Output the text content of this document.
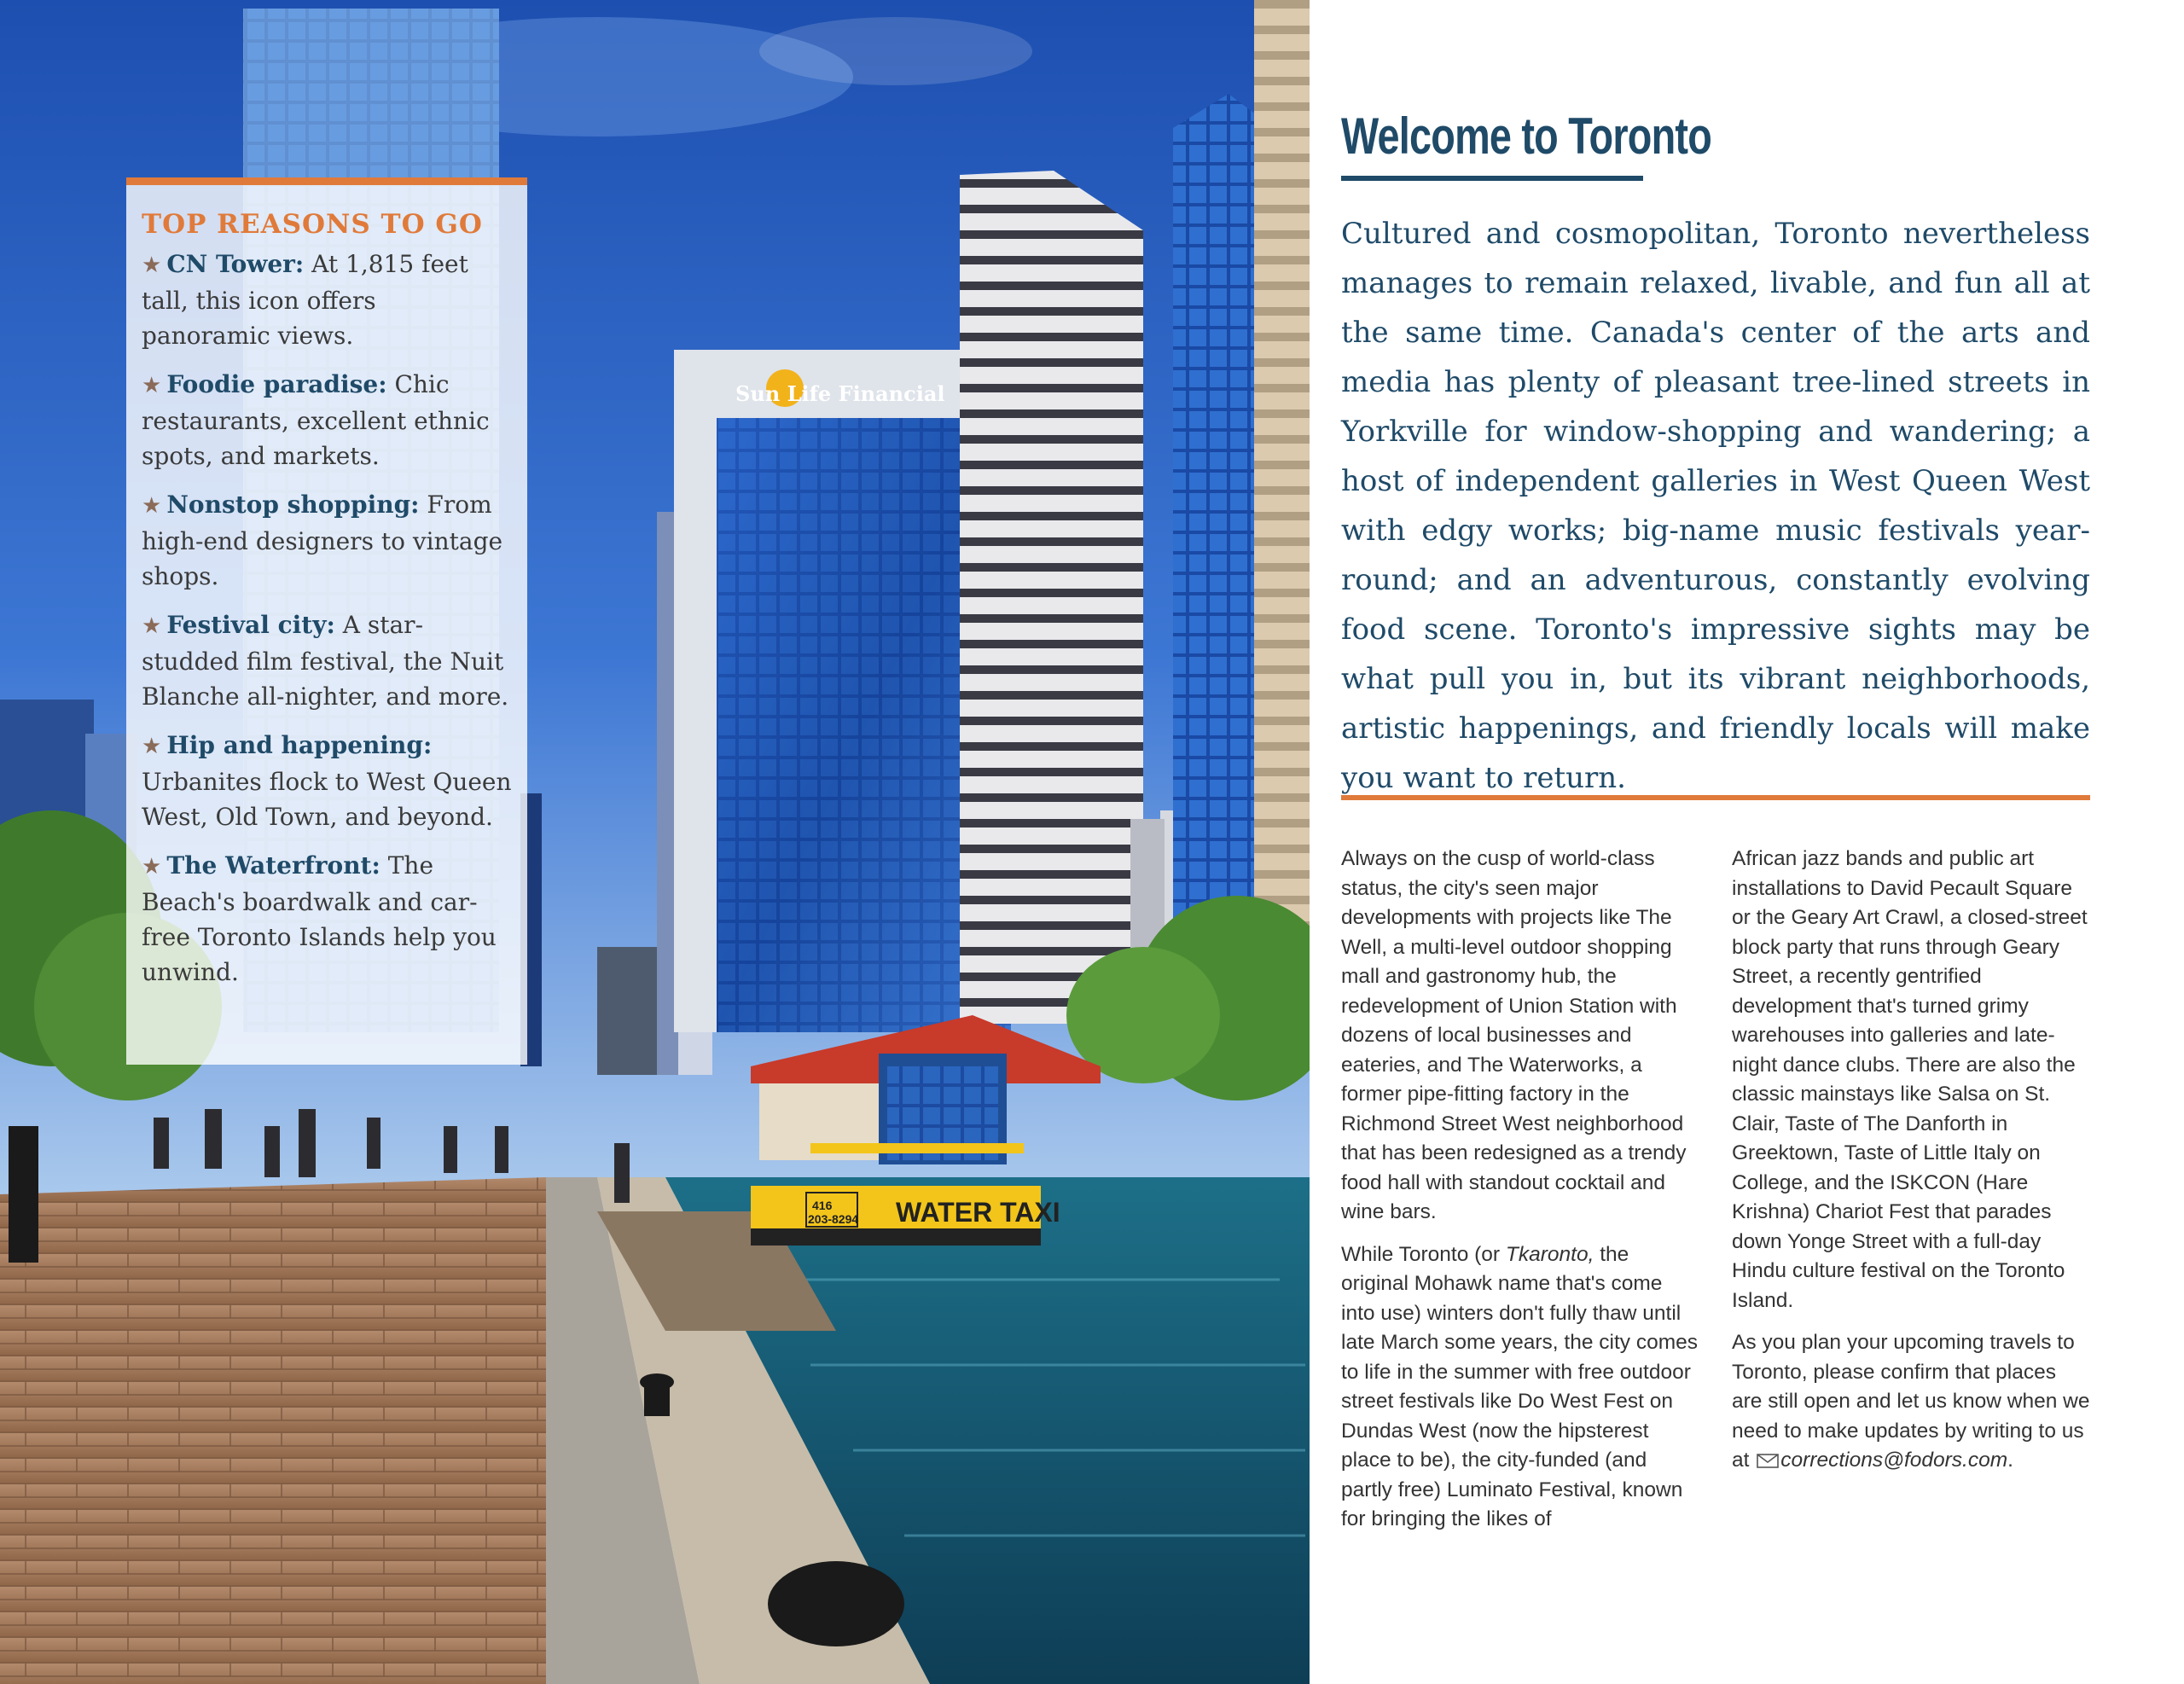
Sun Life Financial
416
203-8294 WATER TAXI
TOP REASONS TO GO
★ CN Tower: At 1,815 feet tall, this icon offers panoramic views.
★ Foodie paradise: Chic restaurants, excellent ethnic spots, and markets.
★ Nonstop shopping: From high-end designers to vintage shops.
★ Festival city: A star-studded film festival, the Nuit Blanche all-nighter, and more.
★ Hip and happening: Urbanites flock to West Queen West, Old Town, and beyond.
★ The Waterfront: The Beach's boardwalk and car-free Toronto Islands help you unwind.
Welcome to Toronto

Cultured and cosmopolitan, Toronto nevertheless manages to remain relaxed, livable, and fun all at the same time. Canada's center of the arts and media has plenty of pleasant tree-lined streets in Yorkville for window-shopping and wandering; a host of independent galleries in West Queen West with edgy works; big-name music festivals year-round; and an adventurous, constantly evolving food scene. Toronto's impressive sights may be what pull you in, but its vibrant neighborhoods, artistic happenings, and friendly locals will make you want to return.

Always on the cusp of world-class status, the city's seen major developments with projects like The Well, a multi-level outdoor shopping mall and gastronomy hub, the redevelopment of Union Station with dozens of local businesses and eateries, and The Waterworks, a former pipe-fitting factory in the Richmond Street West neighborhood that has been redesigned as a trendy food hall with standout cocktail and wine bars.

While Toronto (or Tkaronto, the original Mohawk name that's come into use) winters don't fully thaw until late March some years, the city comes to life in the summer with free outdoor street festivals like Do West Fest on Dundas West (now the hipsterest place to be), the city-funded (and partly free) Luminato Festival, known for bringing the likes of

African jazz bands and public art installations to David Pecault Square or the Geary Art Crawl, a closed-street block party that runs through Geary Street, a recently gentrified development that's turned grimy warehouses into galleries and late-night dance clubs. There are also the classic mainstays like Salsa on St. Clair, Taste of The Danforth in Greektown, Taste of Little Italy on College, and the ISKCON (Hare Krishna) Chariot Fest that parades down Yonge Street with a full-day Hindu culture festival on the Toronto Island.

As you plan your upcoming travels to Toronto, please confirm that places are still open and let us know when we need to make updates by writing to us at corrections@fodors.com.
